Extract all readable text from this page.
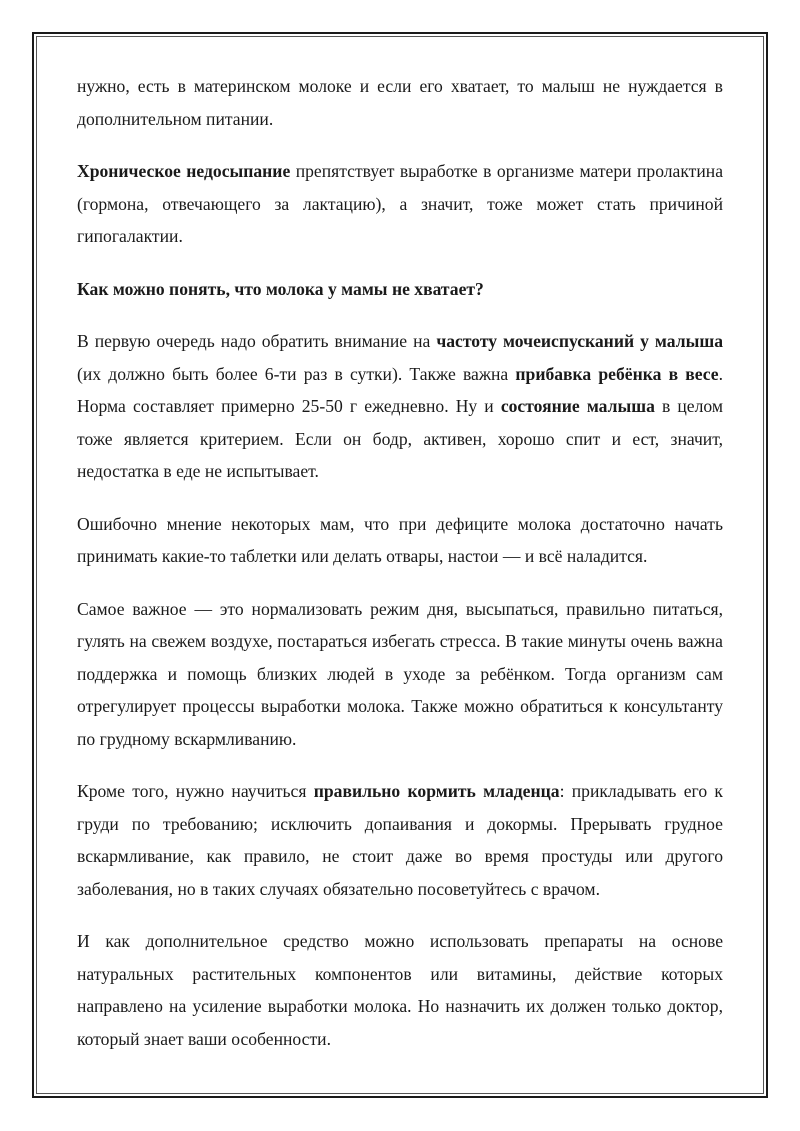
нужно, есть в материнском молоке и если его хватает, то малыш не нуждается в дополнительном питании.

Хроническое недосыпание препятствует выработке в организме матери пролактина (гормона, отвечающего за лактацию), а значит, тоже может стать причиной гипогалактии.

Как можно понять, что молока у мамы не хватает?

В первую очередь надо обратить внимание на частоту мочеиспусканий у малыша (их должно быть более 6-ти раз в сутки). Также важна прибавка ребёнка в весе. Норма составляет примерно 25-50 г ежедневно. Ну и состояние малыша в целом тоже является критерием. Если он бодр, активен, хорошо спит и ест, значит, недостатка в еде не испытывает.

Ошибочно мнение некоторых мам, что при дефиците молока достаточно начать принимать какие-то таблетки или делать отвары, настои — и всё наладится.

Самое важное — это нормализовать режим дня, высыпаться, правильно питаться, гулять на свежем воздухе, постараться избегать стресса. В такие минуты очень важна поддержка и помощь близких людей в уходе за ребёнком. Тогда организм сам отрегулирует процессы выработки молока. Также можно обратиться к консультанту по грудному вскармливанию.

Кроме того, нужно научиться правильно кормить младенца: прикладывать его к груди по требованию; исключить допаивания и докормы. Прерывать грудное вскармливание, как правило, не стоит даже во время простуды или другого заболевания, но в таких случаях обязательно посоветуйтесь с врачом.

И как дополнительное средство можно использовать препараты на основе натуральных растительных компонентов или витамины, действие которых направлено на усиление выработки молока. Но назначить их должен только доктор, который знает ваши особенности.
